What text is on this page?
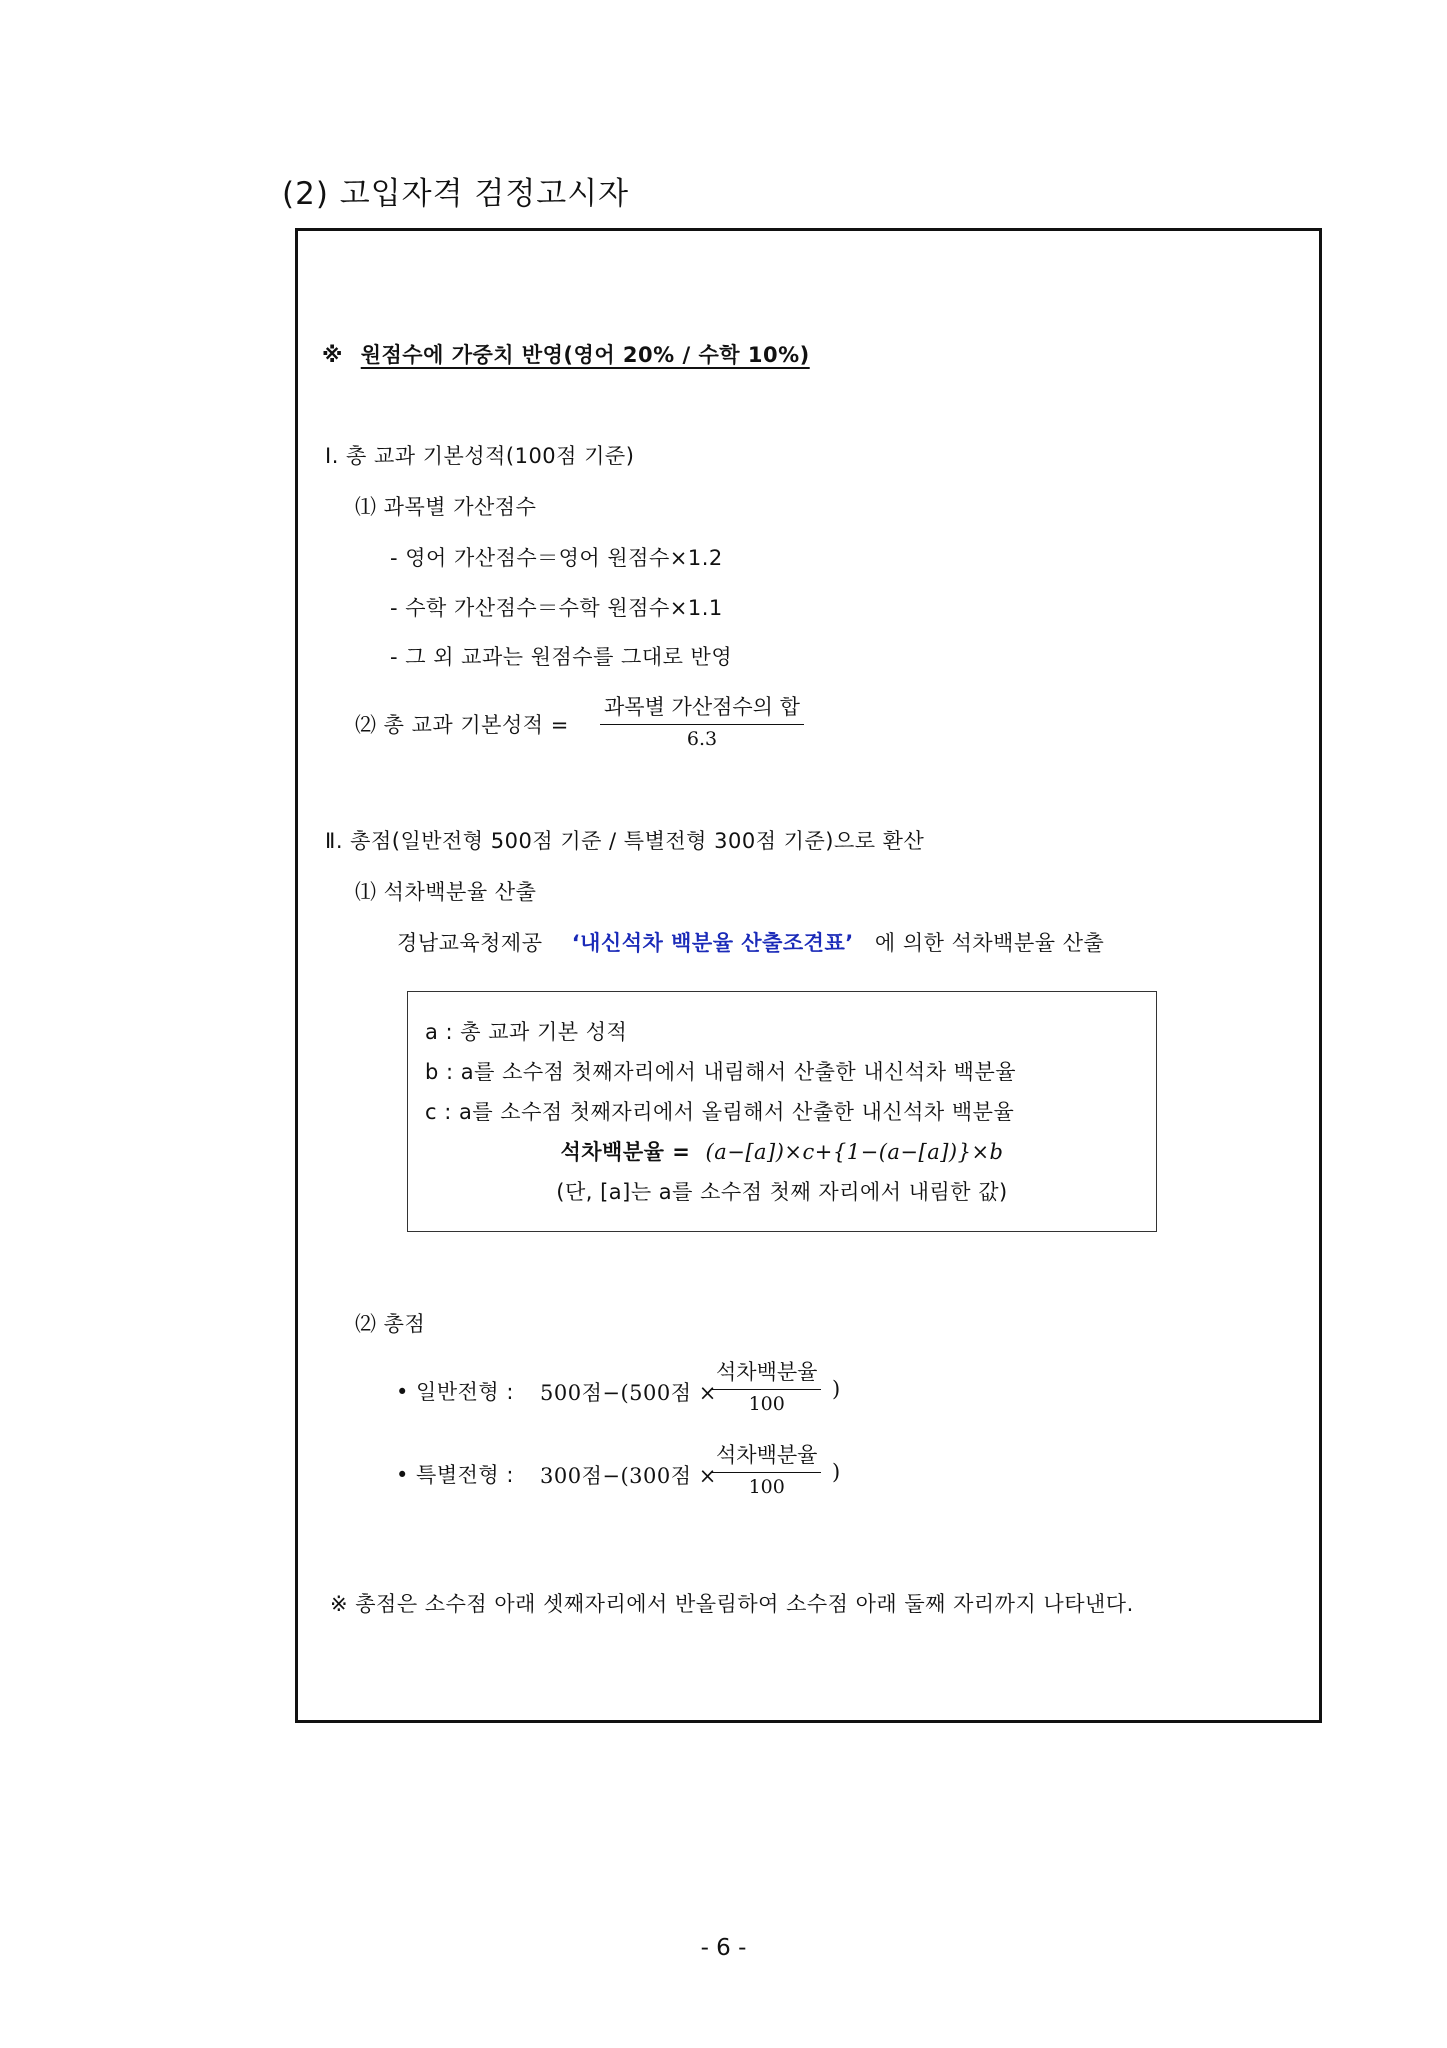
(2) 고입자격 검정고시자
※ 원점수에 가중치 반영(영어 20% / 수학 10%)
Ⅰ. 총 교과 기본성적(100점 기준)
⑴ 과목별 가산점수
- 영어 가산점수＝영어 원점수×1.2
- 수학 가산점수＝수학 원점수×1.1
- 그 외 교과는 원점수를 그대로 반영
⑵ 총 교과 기본성적 =
과목별 가산점수의 합
6.3
Ⅱ. 총점(일반전형 500점 기준 / 특별전형 300점 기준)으로 환산
⑴ 석차백분율 산출
경남교육청제공 ‘내신석차 백분율 산출조견표’ 에 의한 석차백분율 산출
a : 총 교과 기본 성적
b : a를 소수점 첫째자리에서 내림해서 산출한 내신석차 백분율
c : a를 소수점 첫째자리에서 올림해서 산출한 내신석차 백분율
석차백분율 = (a−[a])×c+{1−(a−[a])}×b
(단, [a]는 a를 소수점 첫째 자리에서 내림한 값)
⑵ 총점
• 일반전형 : 500점−(500점 ×
석차백분율
100
)
• 특별전형 : 300점−(300점 ×
석차백분율
100
)
※ 총점은 소수점 아래 셋째자리에서 반올림하여 소수점 아래 둘째 자리까지 나타낸다.
- 6 -
